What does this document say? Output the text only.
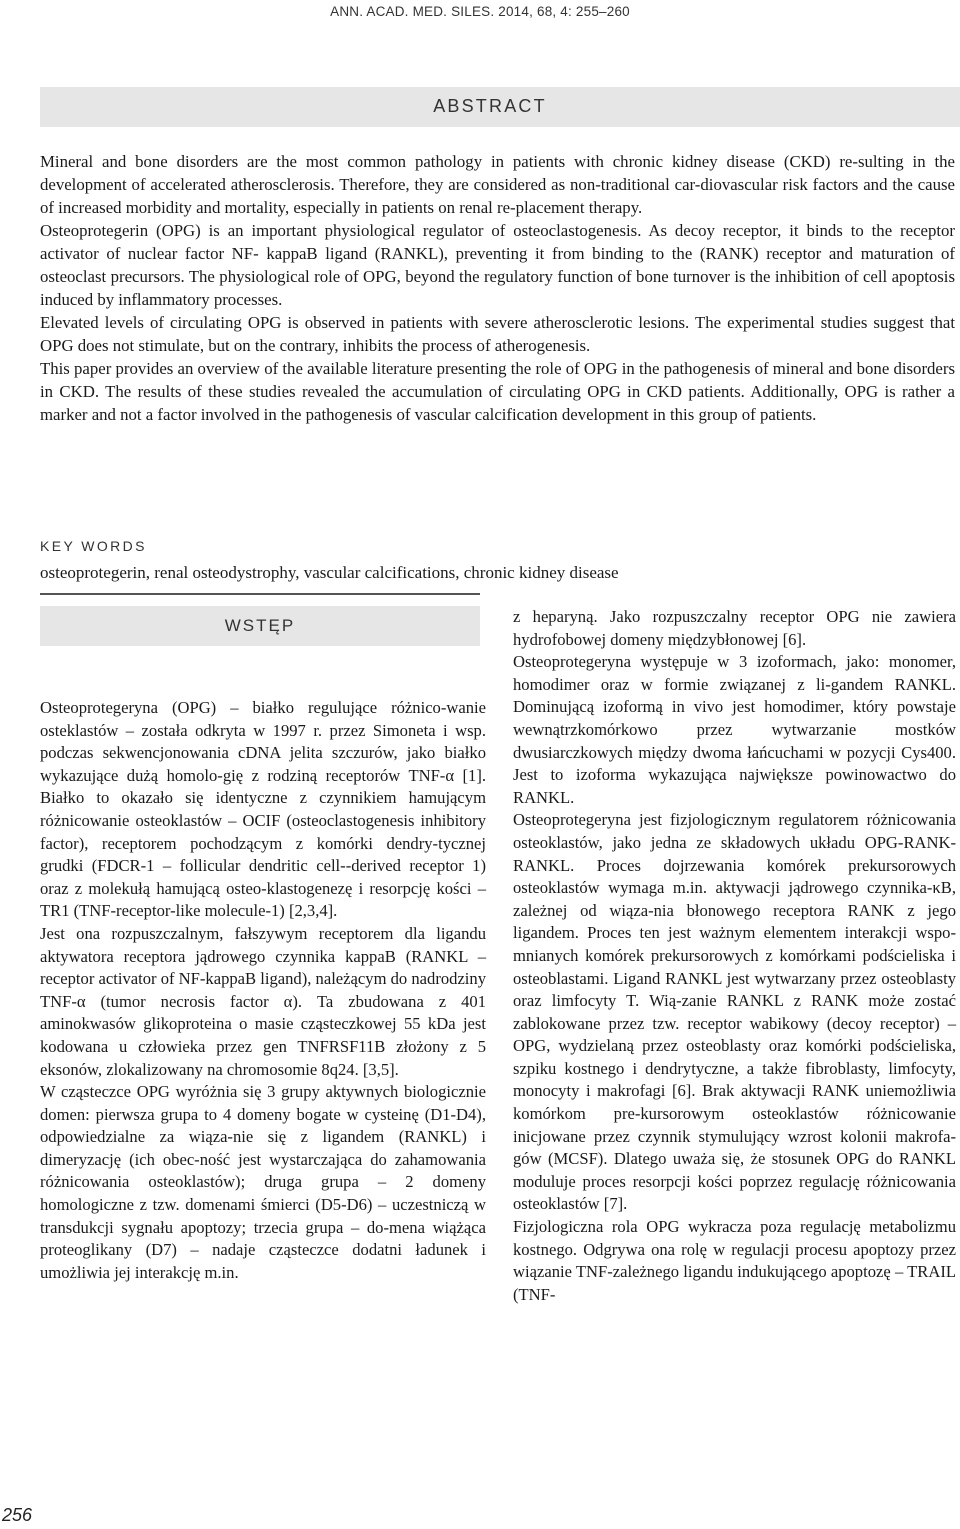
ANN. ACAD. MED. SILES. 2014, 68, 4: 255–260
ABSTRACT

Mineral and bone disorders are the most common pathology in patients with chronic kidney disease (CKD) re-sulting in the development of accelerated atherosclerosis. Therefore, they are considered as non-traditional car-diovascular risk factors and the cause of increased morbidity and mortality, especially in patients on renal re-placement therapy.

Osteoprotegerin (OPG) is an important physiological regulator of osteoclastogenesis. As decoy receptor, it binds to the receptor activator of nuclear factor NF- kappaB ligand (RANKL), preventing it from binding to the (RANK) receptor and maturation of osteoclast precursors. The physiological role of OPG, beyond the regulatory function of bone turnover is the inhibition of cell apoptosis induced by inflammatory processes.

Elevated levels of circulating OPG is observed in patients with severe atherosclerotic lesions. The experimental studies suggest that OPG does not stimulate, but on the contrary, inhibits the process of atherogenesis.

This paper provides an overview of the available literature presenting the role of OPG in the pathogenesis of mineral and bone disorders in CKD. The results of these studies revealed the accumulation of circulating OPG in CKD patients. Additionally, OPG is rather a marker and not a factor involved in the pathogenesis of vascular calcification development in this group of patients.

KEY WORDS
osteoprotegerin, renal osteodystrophy, vascular calcifications, chronic kidney disease
WSTĘP

Osteoprotegeryna (OPG) – białko regulujące różnico-wanie osteklastów – została odkryta w 1997 r. przez Simoneta i wsp. podczas sekwencjonowania cDNA jelita szczurów, jako białko wykazujące dużą homolo-gię z rodziną receptorów TNF-α [1]. Białko to okazało się identyczne z czynnikiem hamującym różnicowanie osteoklastów – OCIF (osteoclastogenesis inhibitory factor), receptorem pochodzącym z komórki dendry-tycznej grudki (FDCR-1 – follicular dendritic cell--derived receptor 1) oraz z molekułą hamującą osteo-klastogenezę i resorpcję kości – TR1 (TNF-receptor-like molecule-1) [2,3,4].

Jest ona rozpuszczalnym, fałszywym receptorem dla ligandu aktywatora receptora jądrowego czynnika kappaB (RANKL – receptor activator of NF-kappaB ligand), należącym do nadrodziny TNF-α (tumor necrosis factor α). Ta zbudowana z 401 aminokwasów glikoproteina o masie cząsteczkowej 55 kDa jest kodowana u człowieka przez gen TNFRSF11B złożony z 5 eksonów, zlokalizowany na chromosomie 8q24. [3,5].

W cząsteczce OPG wyróżnia się 3 grupy aktywnych biologicznie domen: pierwsza grupa to 4 domeny bogate w cysteinę (D1-D4), odpowiedzialne za wiąza-nie się z ligandem (RANKL) i dimeryzację (ich obec-ność jest wystarczająca do zahamowania różnicowania osteoklastów); druga grupa – 2 domeny homologiczne z tzw. domenami śmierci (D5-D6) – uczestniczą w transdukcji sygnału apoptozy; trzecia grupa – do-mena wiążąca proteoglikany (D7) – nadaje cząsteczce dodatni ładunek i umożliwia jej interakcję m.in.

z heparyną. Jako rozpuszczalny receptor OPG nie zawiera hydrofobowej domeny międzybłonowej [6].

Osteoprotegeryna występuje w 3 izoformach, jako: monomer, homodimer oraz w formie związanej z li-gandem RANKL. Dominującą izoformą in vivo jest homodimer, który powstaje wewnątrzkomórkowo przez wytwarzanie mostków dwusiarczkowych między dwoma łańcuchami w pozycji Cys400. Jest to izoforma wykazująca największe powinowactwo do RANKL.

Osteoprotegeryna jest fizjologicznym regulatorem różnicowania osteoklastów, jako jedna ze składowych układu OPG-RANK-RANKL. Proces dojrzewania komórek prekursorowych osteoklastów wymaga m.in. aktywacji jądrowego czynnika-κB, zależnej od wiąza-nia błonowego receptora RANK z jego ligandem. Proces ten jest ważnym elementem interakcji wspo-mnianych komórek prekursorowych z komórkami podścieliska i osteoblastami. Ligand RANKL jest wytwarzany przez osteoblasty oraz limfocyty T. Wią-zanie RANKL z RANK może zostać zablokowane przez tzw. receptor wabikowy (decoy receptor) – OPG, wydzielaną przez osteoblasty oraz komórki podścieliska, szpiku kostnego i dendrytyczne, a także fibroblasty, limfocyty, monocyty i makrofagi [6]. Brak aktywacji RANK uniemożliwia komórkom pre-kursorowym osteoklastów różnicowanie inicjowane przez czynnik stymulujący wzrost kolonii makrofa-gów (MCSF). Dlatego uważa się, że stosunek OPG do RANKL moduluje proces resorpcji kości poprzez regulację różnicowania osteoklastów [7].

Fizjologiczna rola OPG wykracza poza regulację metabolizmu kostnego. Odgrywa ona rolę w regulacji procesu apoptozy przez wiązanie TNF-zależnego ligandu indukującego apoptozę – TRAIL (TNF-

256
